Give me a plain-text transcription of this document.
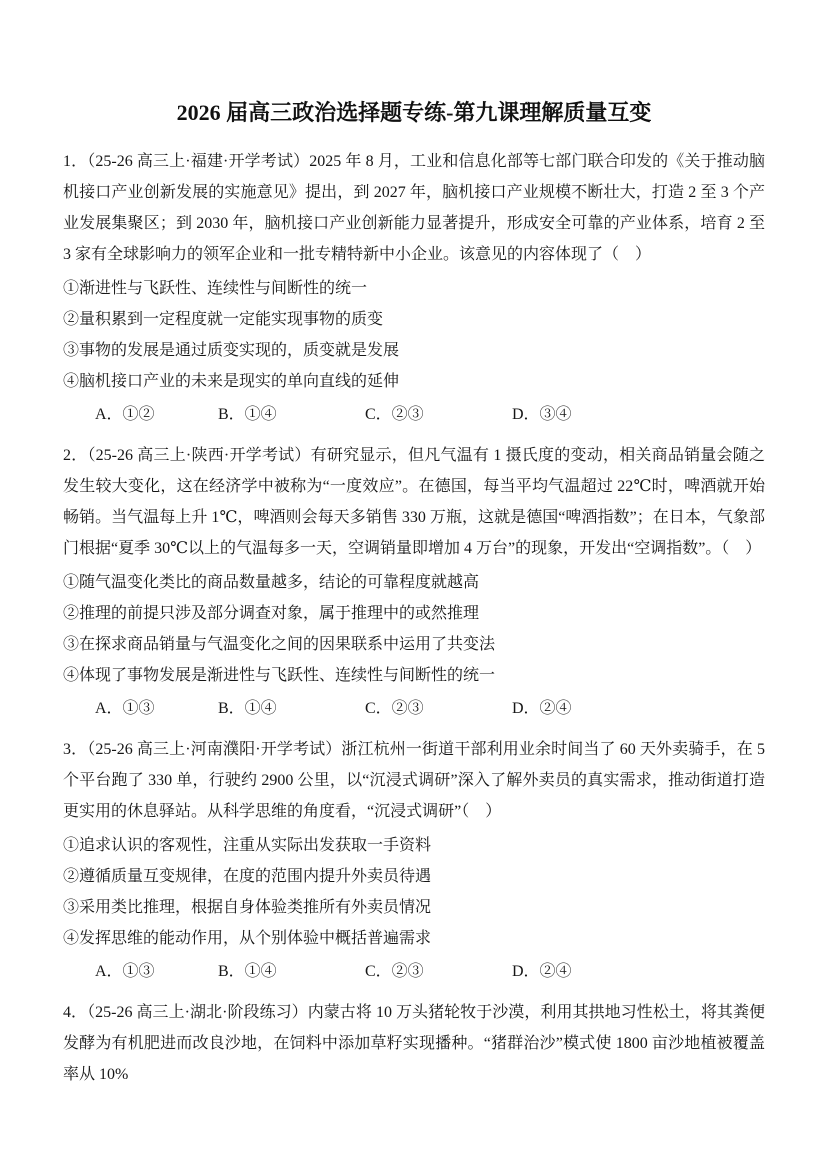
2026 届高三政治选择题专练-第九课理解质量互变

1．（25-26 高三上·福建·开学考试）2025 年 8 月，工业和信息化部等七部门联合印发的《关于推动脑机接口产业创新发展的实施意见》提出，到 2027 年，脑机接口产业规模不断壮大，打造 2 至 3 个产业发展集聚区；到 2030 年，脑机接口产业创新能力显著提升，形成安全可靠的产业体系，培育 2 至 3 家有全球影响力的领军企业和一批专精特新中小企业。该意见的内容体现了（　）

①渐进性与飞跃性、连续性与间断性的统一

②量积累到一定程度就一定能实现事物的质变

③事物的发展是通过质变实现的，质变就是发展

④脑机接口产业的未来是现实的单向直线的延伸

A．①②	B．①④	C．②③	D．③④

2．（25-26 高三上·陕西·开学考试）有研究显示，但凡气温有 1 摄氏度的变动，相关商品销量会随之发生较大变化，这在经济学中被称为“一度效应”。在德国，每当平均气温超过 22℃时，啤酒就开始畅销。当气温每上升 1℃，啤酒则会每天多销售 330 万瓶，这就是德国“啤酒指数”；在日本，气象部门根据“夏季 30℃以上的气温每多一天，空调销量即增加 4 万台”的现象，开发出“空调指数”。（　）

①随气温变化类比的商品数量越多，结论的可靠程度就越高

②推理的前提只涉及部分调查对象，属于推理中的或然推理

③在探求商品销量与气温变化之间的因果联系中运用了共变法

④体现了事物发展是渐进性与飞跃性、连续性与间断性的统一

A．①③	B．①④	C．②③	D．②④

3．（25-26 高三上·河南濮阳·开学考试）浙江杭州一街道干部利用业余时间当了 60 天外卖骑手，在 5 个平台跑了 330 单，行驶约 2900 公里，以“沉浸式调研”深入了解外卖员的真实需求，推动街道打造更实用的休息驿站。从科学思维的角度看，“沉浸式调研”（　）

①追求认识的客观性，注重从实际出发获取一手资料

②遵循质量互变规律，在度的范围内提升外卖员待遇

③采用类比推理，根据自身体验类推所有外卖员情况

④发挥思维的能动作用，从个别体验中概括普遍需求

A．①③	B．①④	C．②③	D．②④

4．（25-26 高三上·湖北·阶段练习）内蒙古将 10 万头猪轮牧于沙漠，利用其拱地习性松土，将其粪便发酵为有机肥进而改良沙地，在饲料中添加草籽实现播种。“猪群治沙”模式使 1800 亩沙地植被覆盖率从 10%
